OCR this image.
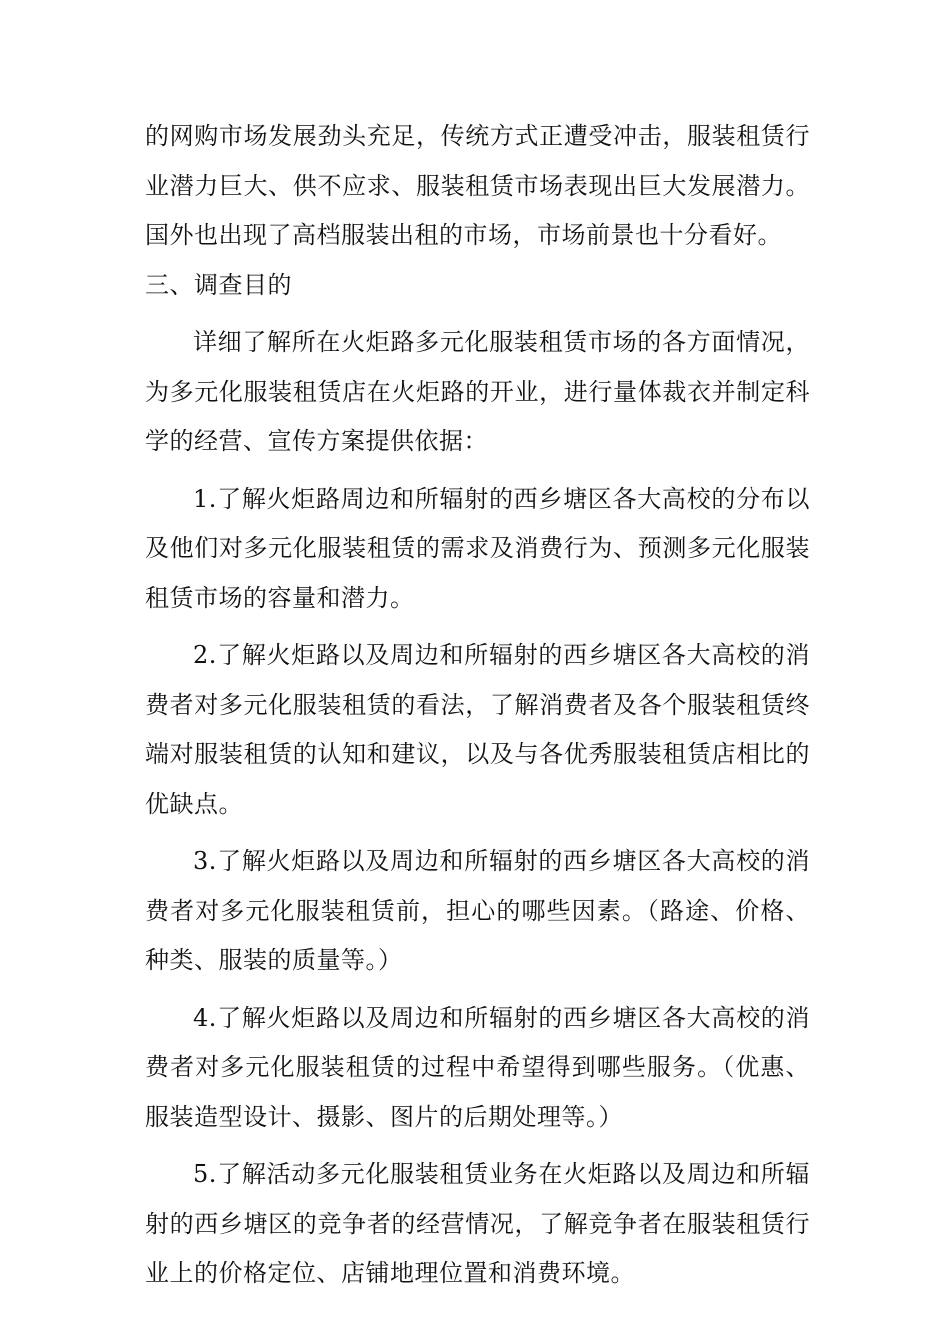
的网购市场发展劲头充足，传统方式正遭受冲击，服装租赁行业潜力巨大、供不应求、服装租赁市场表现出巨大发展潜力。国外也出现了高档服装出租的市场，市场前景也十分看好。

三、调查目的

详细了解所在火炬路多元化服装租赁市场的各方面情况，为多元化服装租赁店在火炬路的开业，进行量体裁衣并制定科学的经营、宣传方案提供依据：

1.了解火炬路周边和所辐射的西乡塘区各大高校的分布以及他们对多元化服装租赁的需求及消费行为、预测多元化服装租赁市场的容量和潜力。

2.了解火炬路以及周边和所辐射的西乡塘区各大高校的消费者对多元化服装租赁的看法，了解消费者及各个服装租赁终端对服装租赁的认知和建议，以及与各优秀服装租赁店相比的优缺点。

3.了解火炬路以及周边和所辐射的西乡塘区各大高校的消费者对多元化服装租赁前，担心的哪些因素。（路途、价格、种类、服装的质量等。）

4.了解火炬路以及周边和所辐射的西乡塘区各大高校的消费者对多元化服装租赁的过程中希望得到哪些服务。（优惠、服装造型设计、摄影、图片的后期处理等。）

5.了解活动多元化服装租赁业务在火炬路以及周边和所辐射的西乡塘区的竞争者的经营情况，了解竞争者在服装租赁行业上的价格定位、店铺地理位置和消费环境。
